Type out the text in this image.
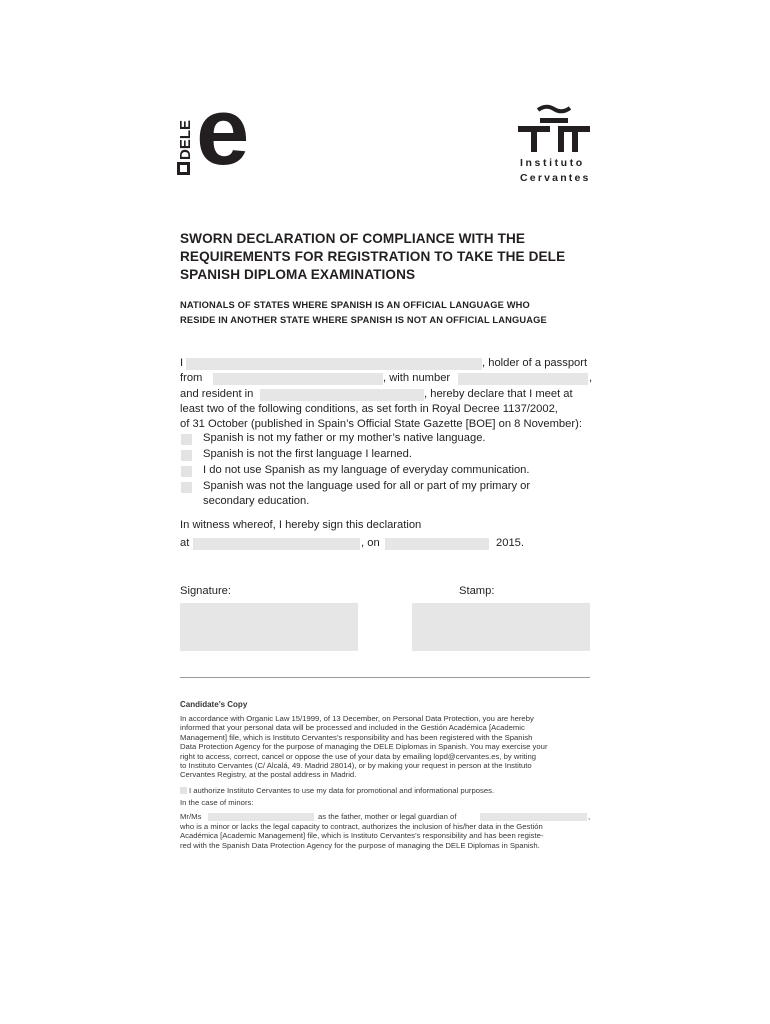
DELE e	Instituto
Cervantes
SWORN DECLARATION OF COMPLIANCE WITH THE
REQUIREMENTS FOR REGISTRATION TO TAKE THE DELE
SPANISH DIPLOMA EXAMINATIONS
NATIONALS OF STATES WHERE SPANISH IS AN OFFICIAL LANGUAGE WHO
RESIDE IN ANOTHER STATE WHERE SPANISH IS NOT AN OFFICIAL LANGUAGE
I	, holder of a passport
from	, with number	,
and resident in	, hereby declare that I meet at
least two of the following conditions, as set forth in Royal Decree 1137/2002,
of 31 October (published in Spain’s Official State Gazette [BOE] on 8 November):
Spanish is not my father or my mother’s native language.
Spanish is not the first language I learned.
I do not use Spanish as my language of everyday communication.
Spanish was not the language used for all or part of my primary or
secondary education.
In witness whereof, I hereby sign this declaration
at	, on	2015.
Signature:	Stamp:
Candidate’s Copy
In accordance with Organic Law 15/1999, of 13 December, on Personal Data Protection, you are hereby
informed that your personal data will be processed and included in the Gestión Académica [Academic
Management] file, which is Instituto Cervantes’s responsibility and has been registered with the Spanish
Data Protection Agency for the purpose of managing the DELE Diplomas in Spanish. You may exercise your
right to access, correct, cancel or oppose the use of your data by emailing lopd@cervantes.es, by writing
to Instituto Cervantes (C/ Alcalá, 49. Madrid 28014), or by making your request in person at the Instituto
Cervantes Registry, at the postal address in Madrid.
I authorize Instituto Cervantes to use my data for promotional and informational purposes.
In the case of minors:
Mr/Ms	as the father, mother or legal guardian of	,
who is a minor or lacks the legal capacity to contract, authorizes the inclusion of his/her data in the Gestión
Académica [Academic Management] file, which is Instituto Cervantes’s responsibility and has been registe-
red with the Spanish Data Protection Agency for the purpose of managing the DELE Diplomas in Spanish.
